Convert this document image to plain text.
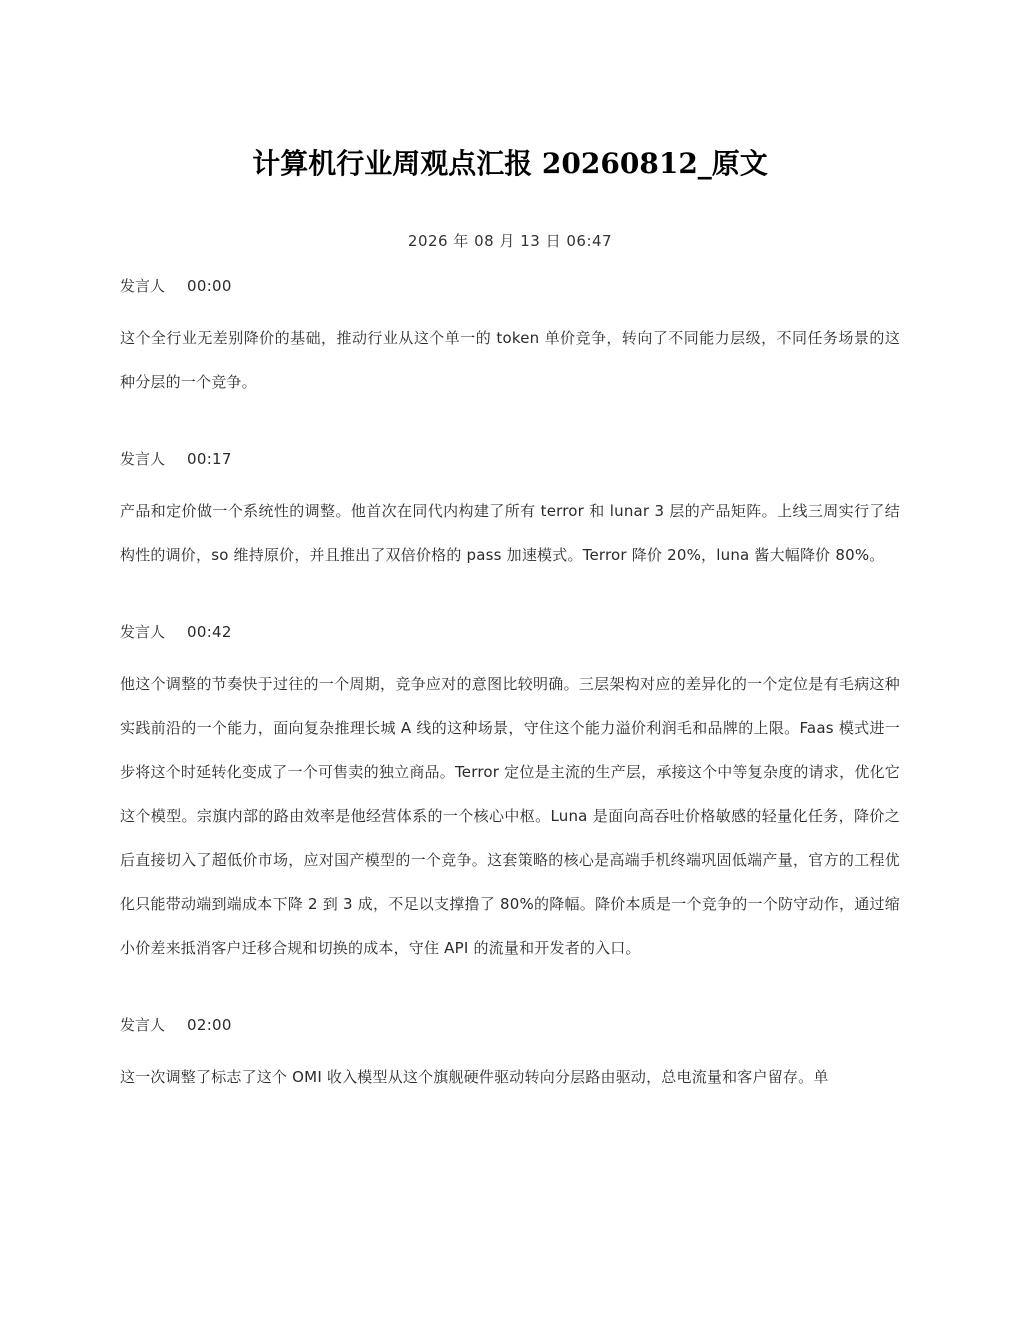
计算机行业周观点汇报 20260812_原文
2026 年 08 月 13 日 06:47
发言人 00:00
这个全行业无差别降价的基础，推动行业从这个单一的 token 单价竞争，转向了不同能力层级，不同任务场景的这种分层的一个竞争。
发言人 00:17
产品和定价做一个系统性的调整。他首次在同代内构建了所有 terror 和 lunar 3 层的产品矩阵。上线三周实行了结构性的调价，so 维持原价，并且推出了双倍价格的 pass 加速模式。Terror 降价 20%，luna 酱大幅降价 80%。
发言人 00:42
他这个调整的节奏快于过往的一个周期，竞争应对的意图比较明确。三层架构对应的差异化的一个定位是有毛病这种实践前沿的一个能力，面向复杂推理长城 A 线的这种场景，守住这个能力溢价利润毛和品牌的上限。Faas 模式进一步将这个时延转化变成了一个可售卖的独立商品。Terror 定位是主流的生产层，承接这个中等复杂度的请求，优化它这个模型。宗旗内部的路由效率是他经营体系的一个核心中枢。Luna 是面向高吞吐价格敏感的轻量化任务，降价之后直接切入了超低价市场，应对国产模型的一个竞争。这套策略的核心是高端手机终端巩固低端产量，官方的工程优化只能带动端到端成本下降 2 到 3 成，不足以支撑撸了 80%的降幅。降价本质是一个竞争的一个防守动作，通过缩小价差来抵消客户迁移合规和切换的成本，守住 API 的流量和开发者的入口。
发言人 02:00
这一次调整了标志了这个 OMI 收入模型从这个旗舰硬件驱动转向分层路由驱动，总电流量和客户留存。单
